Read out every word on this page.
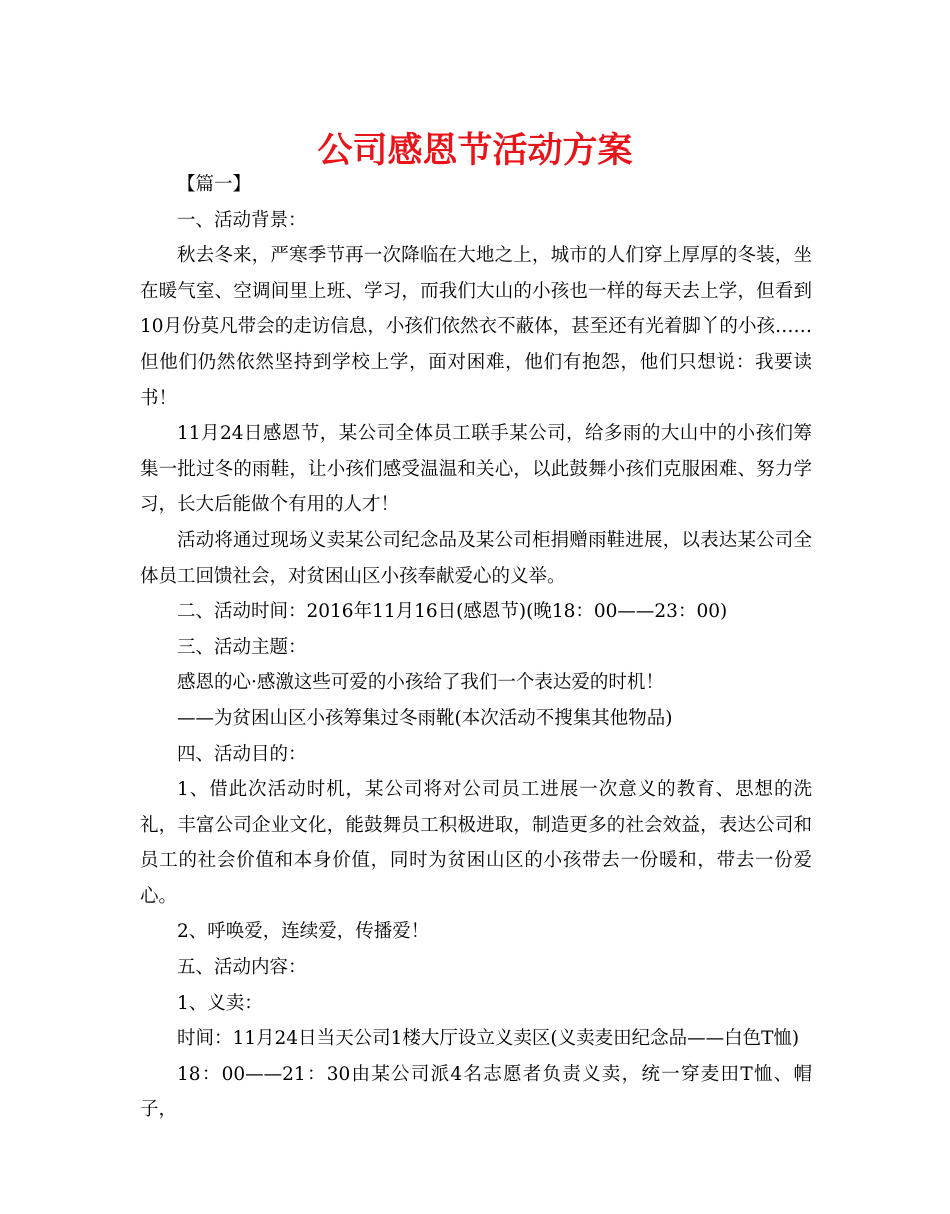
公司感恩节活动方案

【篇一】

一、活动背景：

秋去冬来，严寒季节再一次降临在大地之上，城市的人们穿上厚厚的冬装，坐在暖气室、空调间里上班、学习，而我们大山的小孩也一样的每天去上学，但看到10月份莫凡带会的走访信息，小孩们依然衣不蔽体，甚至还有光着脚丫的小孩……但他们仍然依然坚持到学校上学，面对困难，他们有抱怨，他们只想说：我要读书！

11月24日感恩节，某公司全体员工联手某公司，给多雨的大山中的小孩们筹集一批过冬的雨鞋，让小孩们感受温温和关心，以此鼓舞小孩们克服困难、努力学习，长大后能做个有用的人才！

活动将通过现场义卖某公司纪念品及某公司柜捐赠雨鞋进展，以表达某公司全体员工回馈社会，对贫困山区小孩奉献爱心的义举。

二、活动时间：2016年11月16日(感恩节)(晚18：00——23：00)

三、活动主题：

感恩的心·感激这些可爱的小孩给了我们一个表达爱的时机！

——为贫困山区小孩筹集过冬雨靴(本次活动不搜集其他物品)

四、活动目的：

1、借此次活动时机，某公司将对公司员工进展一次意义的教育、思想的洗礼，丰富公司企业文化，能鼓舞员工积极进取，制造更多的社会效益，表达公司和员工的社会价值和本身价值，同时为贫困山区的小孩带去一份暖和，带去一份爱心。

2、呼唤爱，连续爱，传播爱！

五、活动内容：

1、义卖：

时间：11月24日当天公司1楼大厅设立义卖区(义卖麦田纪念品——白色T恤)

18：00——21：30由某公司派4名志愿者负责义卖，统一穿麦田T恤、帽子，
